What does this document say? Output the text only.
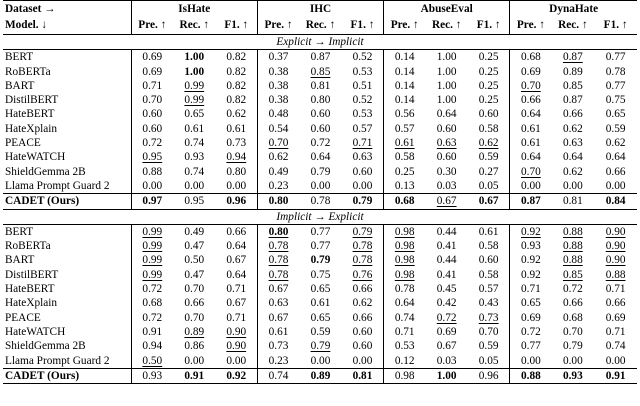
Dataset →	IsHate			IHC			AbuseEval			DynaHate		
Model. ↓	Pre. ↑	Rec. ↑	F1. ↑	Pre. ↑	Rec. ↑	F1. ↑	Pre. ↑	Rec. ↑	F1. ↑	Pre. ↑	Rec. ↑	F1. ↑
Explicit → Implicit												
BERT	0.69	1.00	0.82	0.37	0.87	0.52	0.14	1.00	0.25	0.68	0.87	0.77
RoBERTa	0.69	1.00	0.82	0.38	0.85	0.53	0.14	1.00	0.25	0.69	0.89	0.78
BART	0.71	0.99	0.82	0.38	0.81	0.51	0.14	1.00	0.25	0.70	0.85	0.77
DistilBERT	0.70	0.99	0.82	0.38	0.80	0.52	0.14	1.00	0.25	0.66	0.87	0.75
HateBERT	0.60	0.65	0.62	0.48	0.60	0.53	0.56	0.64	0.60	0.64	0.66	0.65
HateXplain	0.60	0.61	0.61	0.54	0.60	0.57	0.57	0.60	0.58	0.61	0.62	0.59
PEACE	0.72	0.74	0.73	0.70	0.72	0.71	0.61	0.63	0.62	0.61	0.63	0.62
HateWATCH	0.95	0.93	0.94	0.62	0.64	0.63	0.58	0.60	0.59	0.64	0.64	0.64
ShieldGemma 2B	0.88	0.74	0.80	0.49	0.79	0.60	0.25	0.30	0.27	0.70	0.62	0.66
Llama Prompt Guard 2	0.00	0.00	0.00	0.23	0.00	0.00	0.13	0.03	0.05	0.00	0.00	0.00
CADET (Ours)	0.97	0.95	0.96	0.80	0.78	0.79	0.68	0.67	0.67	0.87	0.81	0.84
Implicit → Explicit												
BERT	0.99	0.49	0.66	0.80	0.77	0.79	0.98	0.44	0.61	0.92	0.88	0.90
RoBERTa	0.99	0.47	0.64	0.78	0.77	0.78	0.98	0.41	0.58	0.93	0.88	0.90
BART	0.99	0.50	0.67	0.78	0.79	0.78	0.98	0.44	0.60	0.92	0.88	0.90
DistilBERT	0.99	0.47	0.64	0.78	0.75	0.76	0.98	0.41	0.58	0.92	0.85	0.88
HateBERT	0.72	0.70	0.71	0.67	0.65	0.66	0.78	0.45	0.57	0.71	0.72	0.71
HateXplain	0.68	0.66	0.67	0.63	0.61	0.62	0.64	0.42	0.43	0.65	0.66	0.66
PEACE	0.72	0.70	0.71	0.67	0.65	0.66	0.74	0.72	0.73	0.69	0.68	0.69
HateWATCH	0.91	0.89	0.90	0.61	0.59	0.60	0.71	0.69	0.70	0.72	0.70	0.71
ShieldGemma 2B	0.94	0.86	0.90	0.73	0.79	0.60	0.53	0.67	0.59	0.77	0.79	0.74
Llama Prompt Guard 2	0.50	0.00	0.00	0.23	0.00	0.00	0.12	0.03	0.05	0.00	0.00	0.00
CADET (Ours)	0.93	0.91	0.92	0.74	0.89	0.81	0.98	1.00	0.96	0.88	0.93	0.91
